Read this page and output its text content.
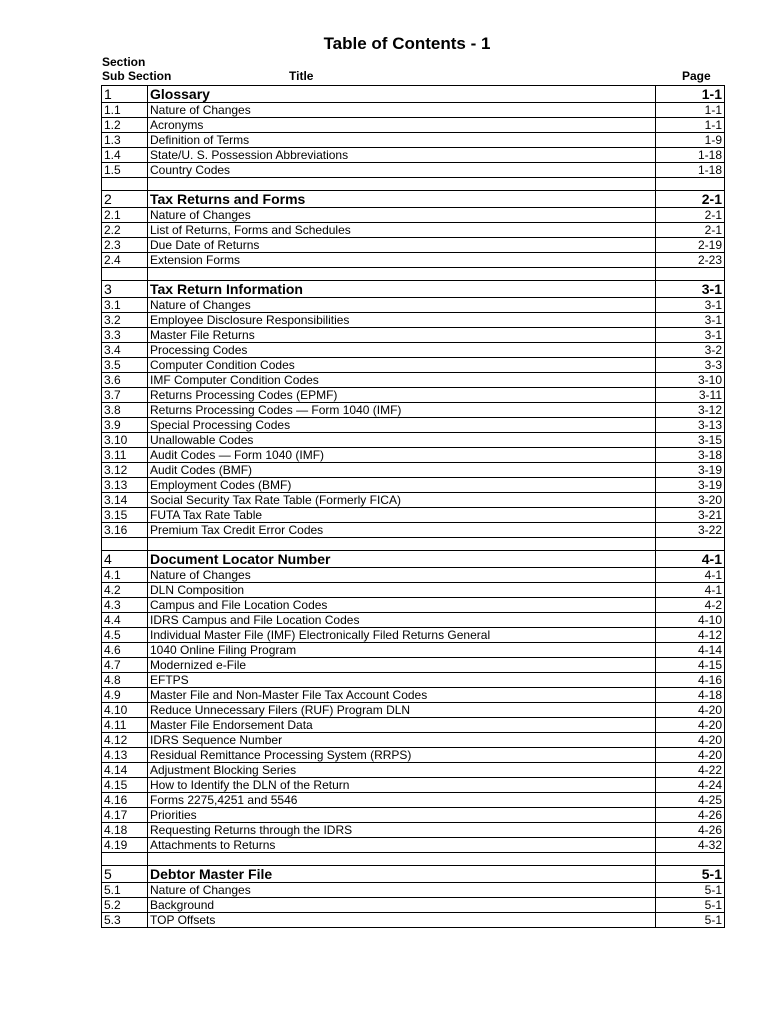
Table of Contents - 1
Section
Sub Section	Title	Page
1	Glossary	1-1
1.1	Nature of Changes	1-1
1.2	Acronyms	1-1
1.3	Definition of Terms	1-9
1.4	State/U. S. Possession Abbreviations	1-18
1.5	Country Codes	1-18

2	Tax Returns and Forms	2-1
2.1	Nature of Changes	2-1
2.2	List of Returns, Forms and Schedules	2-1
2.3	Due Date of Returns	2-19
2.4	Extension Forms	2-23

3	Tax Return Information	3-1
3.1	Nature of Changes	3-1
3.2	Employee Disclosure Responsibilities	3-1
3.3	Master File Returns	3-1
3.4	Processing Codes	3-2
3.5	Computer Condition Codes	3-3
3.6	IMF Computer Condition Codes	3-10
3.7	Returns Processing Codes (EPMF)	3-11
3.8	Returns Processing Codes — Form 1040 (IMF)	3-12
3.9	Special Processing Codes	3-13
3.10	Unallowable Codes	3-15
3.11	Audit Codes — Form 1040 (IMF)	3-18
3.12	Audit Codes (BMF)	3-19
3.13	Employment Codes (BMF)	3-19
3.14	Social Security Tax Rate Table (Formerly FICA)	3-20
3.15	FUTA Tax Rate Table	3-21
3.16	Premium Tax Credit Error Codes	3-22

4	Document Locator Number	4-1
4.1	Nature of Changes	4-1
4.2	DLN Composition	4-1
4.3	Campus and File Location Codes	4-2
4.4	IDRS Campus and File Location Codes	4-10
4.5	Individual Master File (IMF) Electronically Filed Returns General	4-12
4.6	1040 Online Filing Program	4-14
4.7	Modernized e-File	4-15
4.8	EFTPS	4-16
4.9	Master File and Non-Master File Tax Account Codes	4-18
4.10	Reduce Unnecessary Filers (RUF) Program DLN	4-20
4.11	Master File Endorsement Data	4-20
4.12	IDRS Sequence Number	4-20
4.13	Residual Remittance Processing System (RRPS)	4-20
4.14	Adjustment Blocking Series	4-22
4.15	How to Identify the DLN of the Return	4-24
4.16	Forms 2275,4251 and 5546	4-25
4.17	Priorities	4-26
4.18	Requesting Returns through the IDRS	4-26
4.19	Attachments to Returns	4-32

5	Debtor Master File	5-1
5.1	Nature of Changes	5-1
5.2	Background	5-1
5.3	TOP Offsets	5-1
